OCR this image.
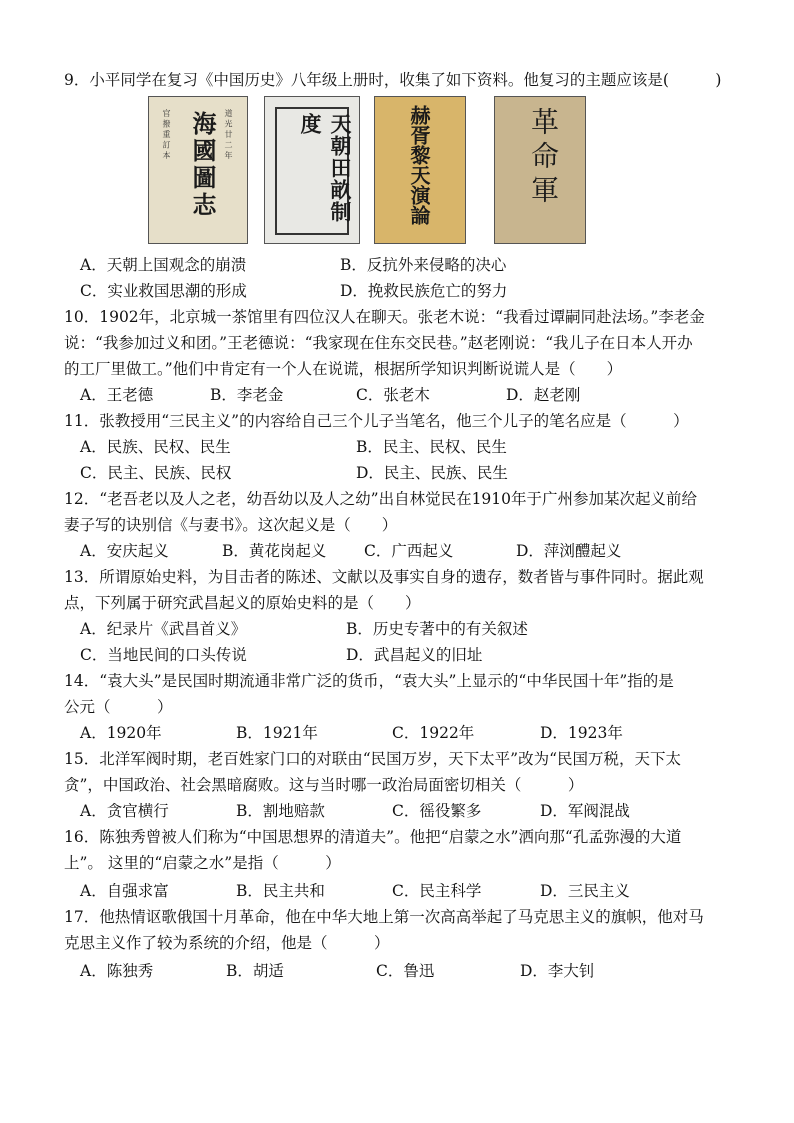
9．小平同学在复习《中国历史》八年级上册时，收集了如下资料。他复习的主题应该是(　　　)
海國圖志
官 撥 重 訂 本	道 光 廿 二 年	天朝田畝制度	赫胥黎天演論	革命軍
A．天朝上国观念的崩溃	B．反抗外来侵略的决心
C．实业救国思潮的形成	D．挽救民族危亡的努力
10．1902年，北京城一茶馆里有四位汉人在聊天。张老木说：“我看过谭嗣同赴法场。”李老金
说：“我参加过义和团。”王老德说：“我家现在住东交民巷。”赵老刚说：“我儿子在日本人开办
的工厂里做工。”他们中肯定有一个人在说谎，根据所学知识判断说谎人是（　　）
A．王老德	B．李老金	C．张老木	D．赵老刚
11．张教授用“三民主义”的内容给自己三个儿子当笔名，他三个儿子的笔名应是（　　　）
A．民族、民权、民生	B．民主、民权、民生
C．民主、民族、民权	D．民主、民族、民生
12．“老吾老以及人之老，幼吾幼以及人之幼”出自林觉民在1910年于广州参加某次起义前给
妻子写的诀别信《与妻书》。这次起义是（　　）
A．安庆起义	B．黄花岗起义 C．广西起义	D．萍浏醴起义
13．所谓原始史料，为目击者的陈述、文献以及事实自身的遗存，数者皆与事件同时。据此观
点，下列属于研究武昌起义的原始史料的是（　　）
A．纪录片《武昌首义》	B．历史专著中的有关叙述
C．当地民间的口头传说	D．武昌起义的旧址
14．“袁大头”是民国时期流通非常广泛的货币，“袁大头”上显示的“中华民国十年”指的是
公元（　　　）
A．1920年	B．1921年	C．1922年	D．1923年
15．北洋军阀时期，老百姓家门口的对联由“民国万岁，天下太平”改为“民国万税，天下太
贪”，中国政治、社会黑暗腐败。这与当时哪一政治局面密切相关（　　　）
A．贪官横行	B．割地赔款	C．徭役繁多	D．军阀混战
16．陈独秀曾被人们称为“中国思想界的清道夫”。他把“启蒙之水”洒向那“孔孟弥漫的大道
上”。 这里的“启蒙之水”是指（　　　）
A．自强求富	B．民主共和	C．民主科学	D．三民主义
17．他热情讴歌俄国十月革命，他在中华大地上第一次高高举起了马克思主义的旗帜，他对马
克思主义作了较为系统的介绍，他是（　　　）
A．陈独秀	B．胡适	C．鲁迅	D．李大钊
